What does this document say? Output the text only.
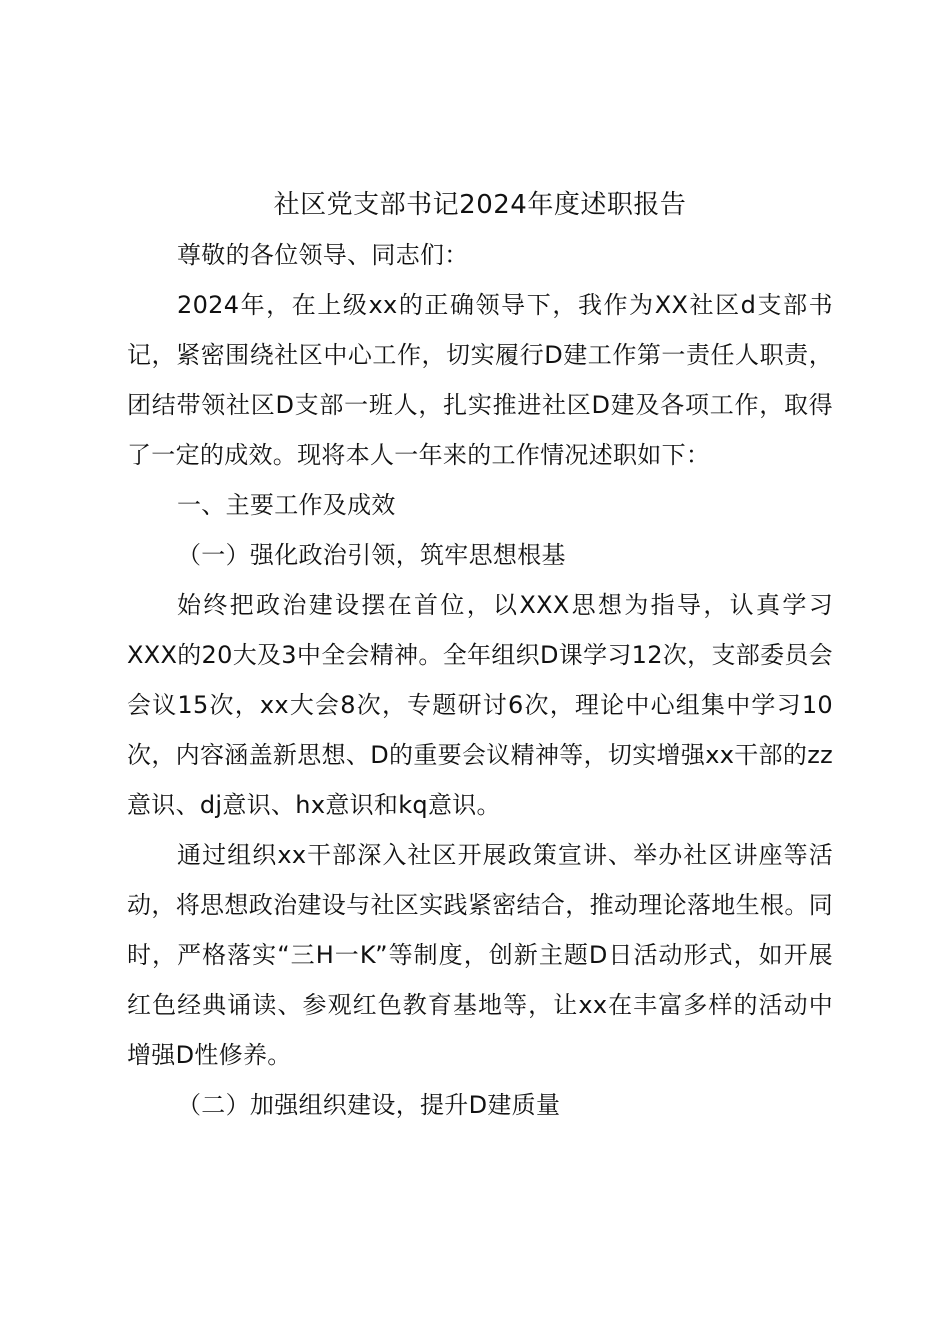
社区党支部书记2024年度述职报告

尊敬的各位领导、同志们：

2024年，在上级xx的正确领导下，我作为XX社区d支部书记，紧密围绕社区中心工作，切实履行D建工作第一责任人职责，团结带领社区D支部一班人，扎实推进社区D建及各项工作，取得了一定的成效。现将本人一年来的工作情况述职如下：

一、主要工作及成效

（一）强化政治引领，筑牢思想根基

始终把政治建设摆在首位，以XXX思想为指导，认真学习XXX的20大及3中全会精神。全年组织D课学习12次，支部委员会会议15次，xx大会8次，专题研讨6次，理论中心组集中学习10次，内容涵盖新思想、D的重要会议精神等，切实增强xx干部的zz意识、dj意识、hx意识和kq意识。

通过组织xx干部深入社区开展政策宣讲、举办社区讲座等活动，将思想政治建设与社区实践紧密结合，推动理论落地生根。同时，严格落实“三H一K”等制度，创新主题D日活动形式，如开展红色经典诵读、参观红色教育基地等，让xx在丰富多样的活动中增强D性修养。

（二）加强组织建设，提升D建质量
